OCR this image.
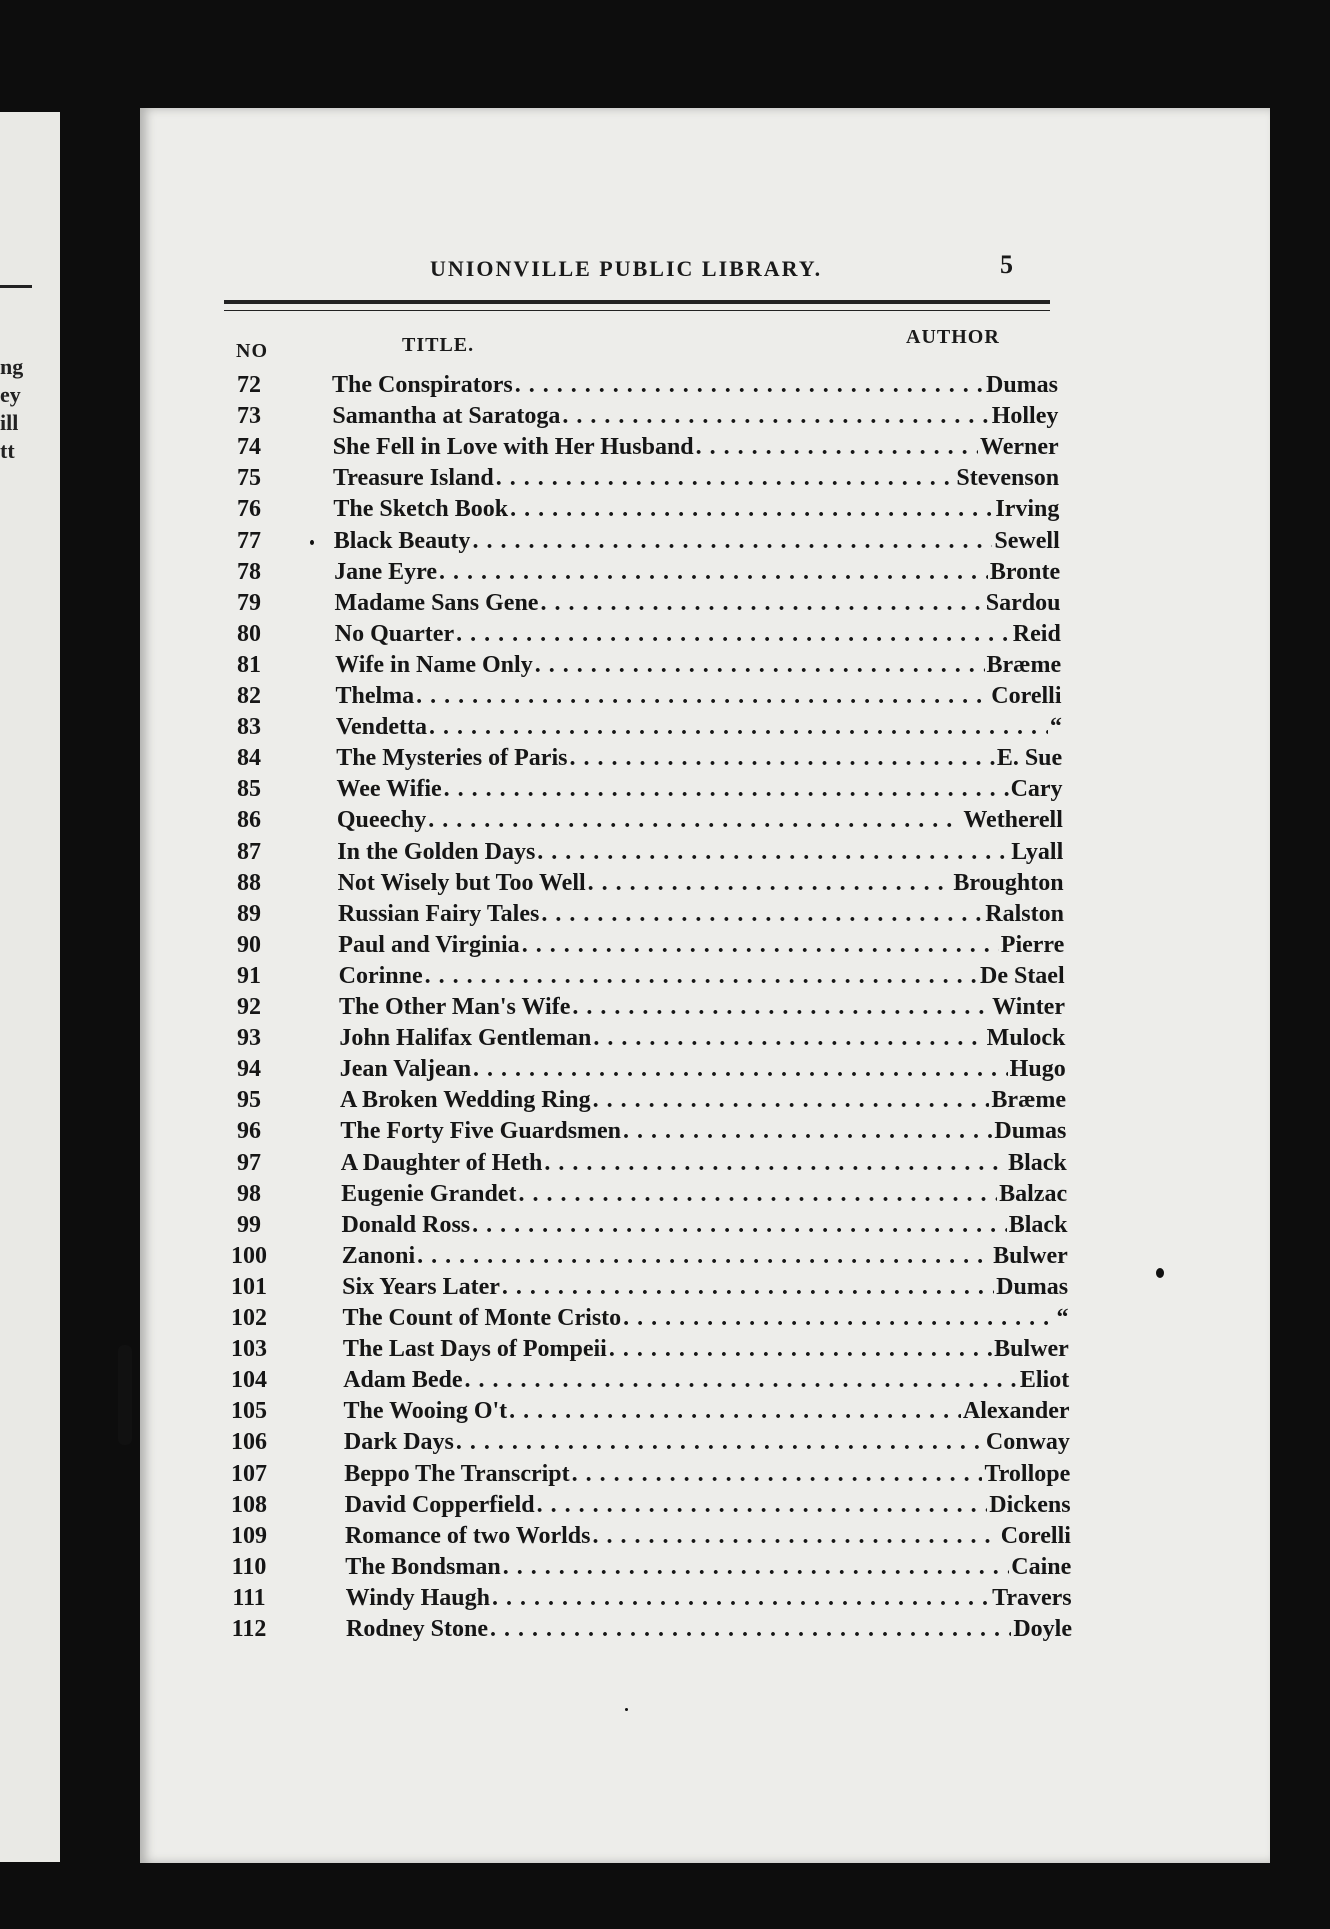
ng
ey
ill
tt
UNIONVILLE PUBLIC LIBRARY.	5
NO	TITLE.	AUTHOR
72	The Conspirators . . .	Dumas
73	Samantha at Saratoga . . .	Holley
74	She Fell in Love with Her Husband . . .	Werner
75	Treasure Island . . .	Stevenson
76	The Sketch Book . . .	Irving
77	Black Beauty . . .	Sewell
78	Jane Eyre . . .	Bronte
79	Madame Sans Gene . . .	Sardou
80	No Quarter . . .	Reid
81	Wife in Name Only . . .	Bræme
82	Thelma . . .	Corelli
83	Vendetta . . .	“
84	The Mysteries of Paris . . .	E. Sue
85	Wee Wifie . . .	Cary
86	Queechy . . .	Wetherell
87	In the Golden Days . . .	Lyall
88	Not Wisely but Too Well . . .	Broughton
89	Russian Fairy Tales . . .	Ralston
90	Paul and Virginia . . .	Pierre
91	Corinne . . .	De Stael
92	The Other Man's Wife . . .	Winter
93	John Halifax Gentleman . . .	Mulock
94	Jean Valjean . . .	Hugo
95	A Broken Wedding Ring . . .	Bræme
96	The Forty Five Guardsmen . . .	Dumas
97	A Daughter of Heth . . .	Black
98	Eugenie Grandet . . .	Balzac
99	Donald Ross . . .	Black
100	Zanoni . . .	Bulwer
101	Six Years Later . . .	Dumas
102	The Count of Monte Cristo . . .	“
103	The Last Days of Pompeii . . .	Bulwer
104	Adam Bede . . .	Eliot
105	The Wooing O't . . .	Alexander
106	Dark Days . . .	Conway
107	Beppo The Transcript . . .	Trollope
108	David Copperfield . . .	Dickens
109	Romance of two Worlds . . .	Corelli
110	The Bondsman . . .	Caine
111	Windy Haugh . . .	Travers
112	Rodney Stone . . .	Doyle
